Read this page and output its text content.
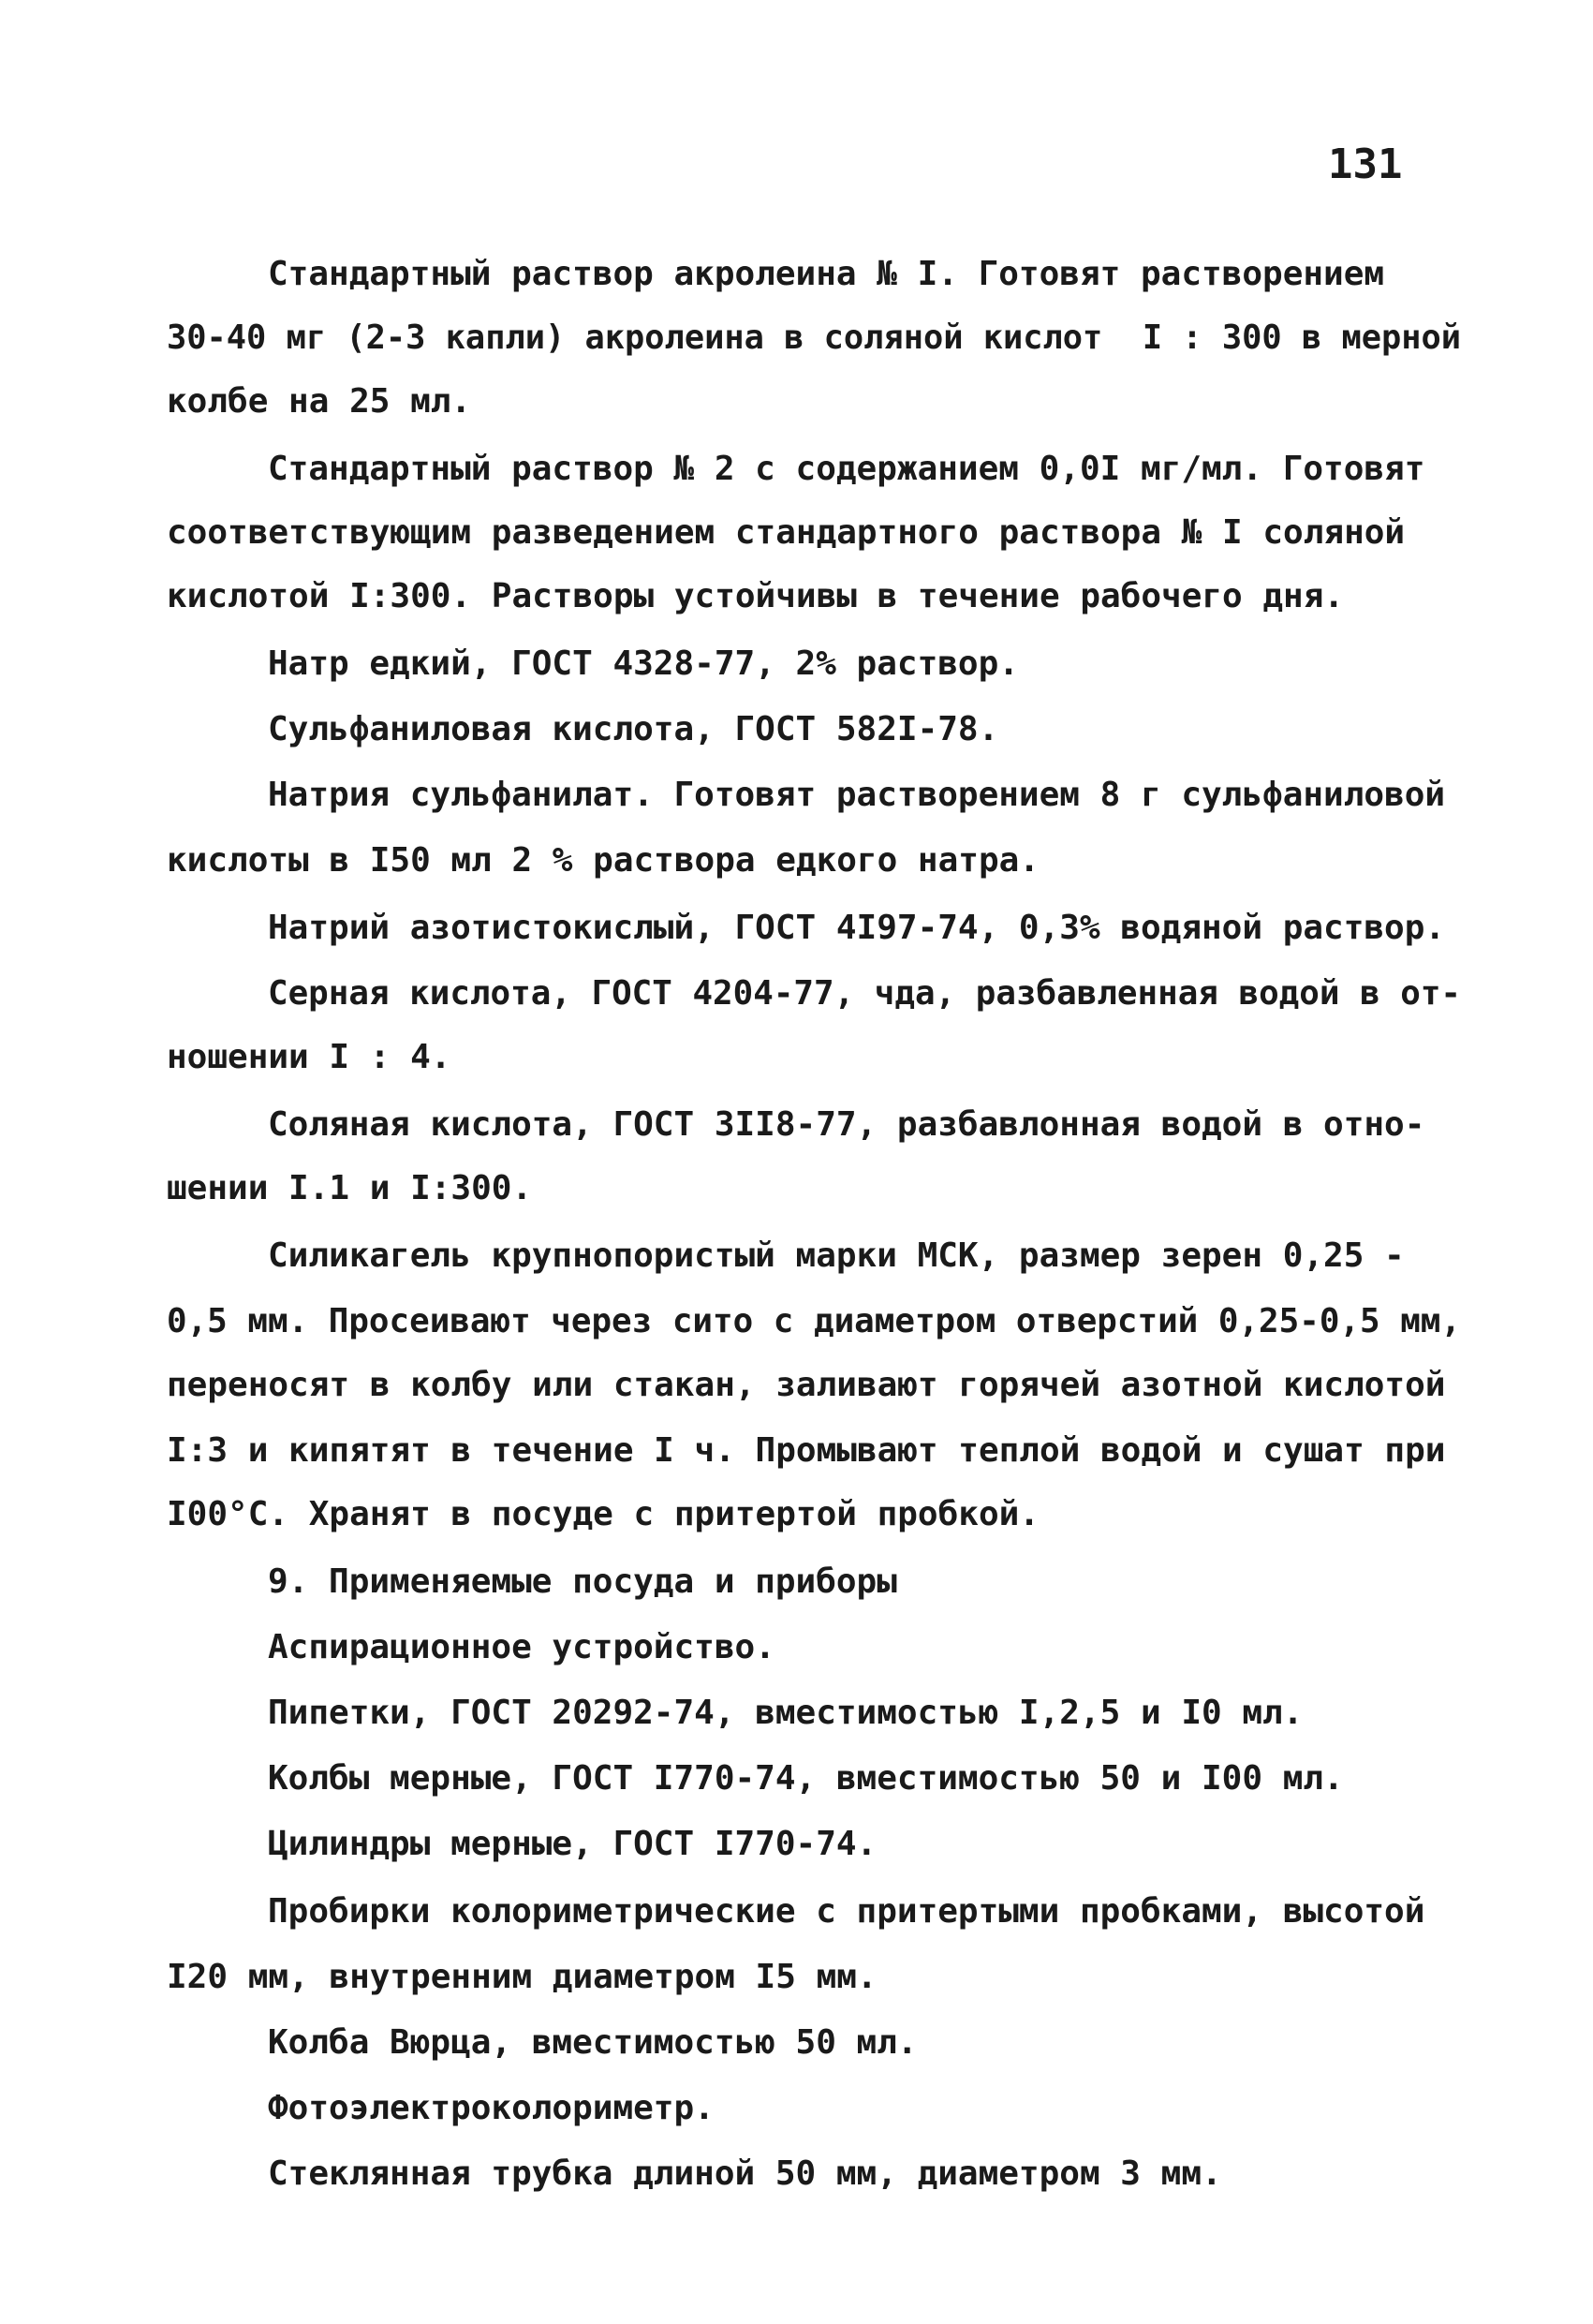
131
Стандартный раствор акролеина № I. Готовят растворением
30-40 мг (2-3 капли) акролеина в соляной кислот  I : 300 в мерной
колбе на 25 мл.
Стандартный раствор № 2 с содержанием 0,0I мг/мл. Готовят
соответствующим разведением стандартного раствора № I соляной
кислотой I:300. Растворы устойчивы в течение рабочего дня.
Натр едкий, ГОСТ 4328-77, 2% раствор.
Сульфаниловая кислота, ГОСТ 582I-78.
Натрия сульфанилат. Готовят растворением 8 г сульфаниловой
кислоты в I50 мл 2 % раствора едкого натра.
Натрий азотистокислый, ГОСТ 4I97-74, 0,3% водяной раствор.
Серная кислота, ГОСТ 4204-77, чда, разбавленная водой в от-
ношении I : 4.
Соляная кислота, ГОСТ 3II8-77, разбавлонная водой в отно-
шении I.1 и I:300.
Силикагель крупнопористый марки МСК, размер зерен 0,25 -
0,5 мм. Просеивают через сито с диаметром отверстий 0,25-0,5 мм,
переносят в колбу или стакан, заливают горячей азотной кислотой
I:3 и кипятят в течение I ч. Промывают теплой водой и сушат при
I00°С. Хранят в посуде с притертой пробкой.
9. Применяемые посуда и приборы
Аспирационное устройство.
Пипетки, ГОСТ 20292-74, вместимостью I,2,5 и I0 мл.
Колбы мерные, ГОСТ I770-74, вместимостью 50 и I00 мл.
Цилиндры мерные, ГОСТ I770-74.
Пробирки колориметрические с притертыми пробками, высотой
I20 мм, внутренним диаметром I5 мм.
Колба Вюрца, вместимостью 50 мл.
Фотоэлектроколориметр.
Стеклянная трубка длиной 50 мм, диаметром 3 мм.
